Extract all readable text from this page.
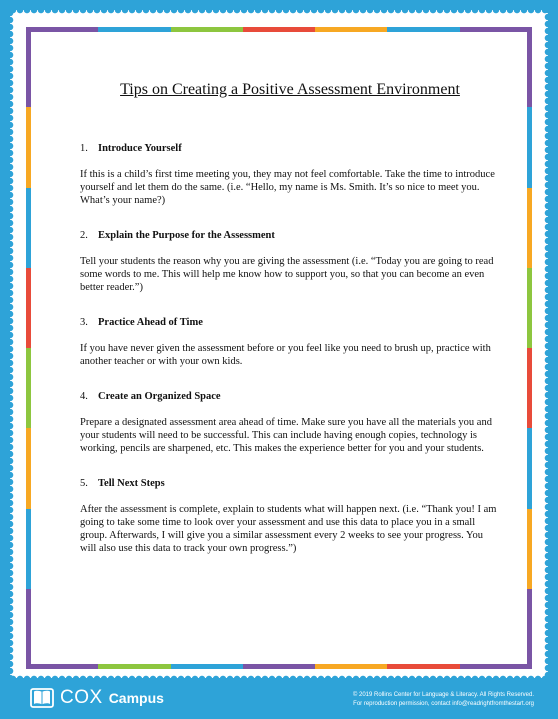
Tips on Creating a Positive Assessment Environment
1. Introduce Yourself
If this is a child’s first time meeting you, they may not feel comfortable. Take the time to introduce yourself and let them do the same. (i.e. “Hello, my name is Ms. Smith. It’s so nice to meet you. What’s your name?)
2. Explain the Purpose for the Assessment
Tell your students the reason why you are giving the assessment (i.e. “Today you are going to read some words to me. This will help me know how to support you, so that you can become an even better reader.”)
3. Practice Ahead of Time
If you have never given the assessment before or you feel like you need to brush up, practice with another teacher or with your own kids.
4. Create an Organized Space
Prepare a designated assessment area ahead of time. Make sure you have all the materials you and your students will need to be successful. This can include having enough copies, technology is working, pencils are sharpened, etc. This makes the experience better for you and your students.
5. Tell Next Steps
After the assessment is complete, explain to students what will happen next. (i.e. “Thank you! I am going to take some time to look over your assessment and use this data to place you in a small group. Afterwards, I will give you a similar assessment every 2 weeks to see your progress. You will also use this data to track your own progress.”)
COX Campus	© 2019 Rollins Center for Language & Literacy. All Rights Reserved.
For reproduction permission, contact info@readrightfromthestart.org
